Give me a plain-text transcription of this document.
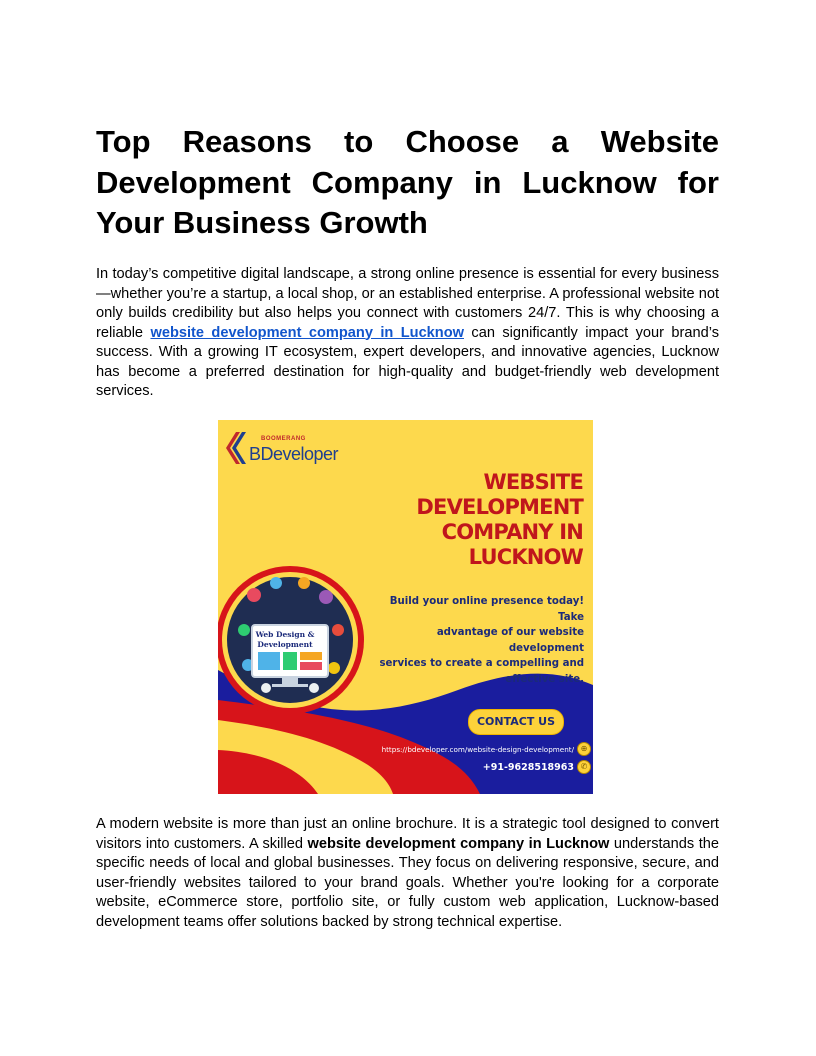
Top Reasons to Choose a Website Development Company in Lucknow for Your Business Growth

In today’s competitive digital landscape, a strong online presence is essential for every business—whether you’re a startup, a local shop, or an established enterprise. A professional website not only builds credibility but also helps you connect with customers 24/7. This is why choosing a reliable website development company in Lucknow can significantly impact your brand’s success. With a growing IT ecosystem, expert developers, and innovative agencies, Lucknow has become a preferred destination for high-quality and budget-friendly web development services.

A modern website is more than just an online brochure. It is a strategic tool designed to convert visitors into customers. A skilled website development company in Lucknow understands the specific needs of local and global businesses. They focus on delivering responsive, secure, and user-friendly websites tailored to your brand goals. Whether you're looking for a corporate website, eCommerce store, portfolio site, or fully custom web application, Lucknow-based development teams offer solutions backed by strong technical expertise.

BOOMERANG
BDeveloper
WEBSITE
DEVELOPMENT
COMPANY IN
LUCKNOW
Build your online presence today! Take
advantage of our website development
services to create a compelling and
effective site.
Web Design &
Development
CONTACT US
https://bdeveloper.com/website-design-development/ ⊕
+91-9628518963 ✆
